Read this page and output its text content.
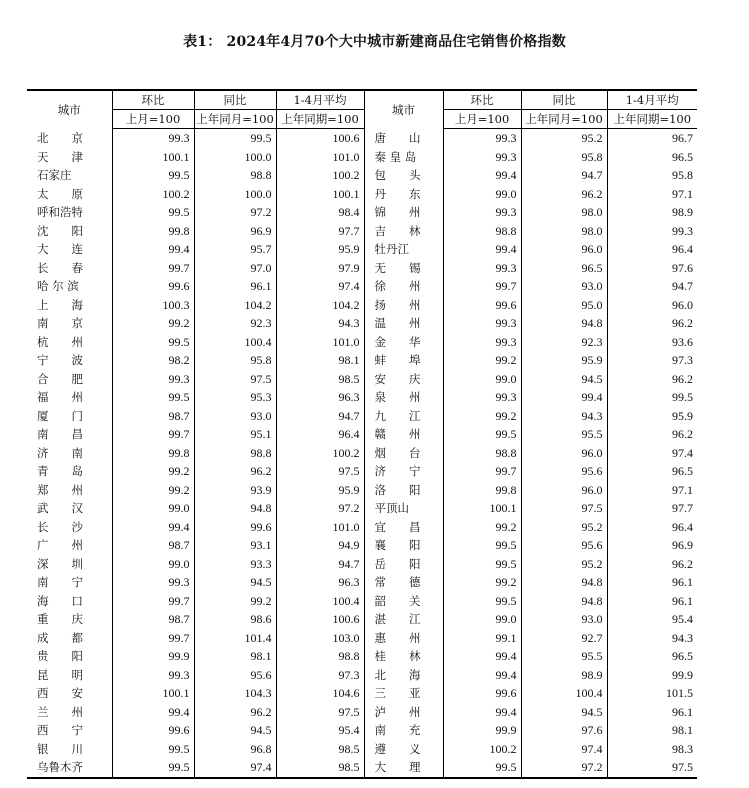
表1： 2024年4月70个大中城市新建商品住宅销售价格指数
城市	环比	同比	1-4月平均	城市	环比	同比	1-4月平均
	上月=100	上年同月=100	上年同期=100		上月=100	上年同月=100	上年同期=100
北　　京	99.3	99.5	100.6	唐　　山	99.3	95.2	96.7
天　　津	100.1	100.0	101.0	秦 皇 岛	99.3	95.8	96.5
石家庄	99.5	98.8	100.2	包　　头	99.4	94.7	95.8
太　　原	100.2	100.0	100.1	丹　　东	99.0	96.2	97.1
呼和浩特	99.5	97.2	98.4	锦　　州	99.3	98.0	98.9
沈　　阳	99.8	96.9	97.7	吉　　林	98.8	98.0	99.3
大　　连	99.4	95.7	95.9	牡丹江	99.4	96.0	96.4
长　　春	99.7	97.0	97.9	无　　锡	99.3	96.5	97.6
哈 尔 滨	99.6	96.1	97.4	徐　　州	99.7	93.0	94.7
上　　海	100.3	104.2	104.2	扬　　州	99.6	95.0	96.0
南　　京	99.2	92.3	94.3	温　　州	99.3	94.8	96.2
杭　　州	99.5	100.4	101.0	金　　华	99.3	92.3	93.6
宁　　波	98.2	95.8	98.1	蚌　　埠	99.2	95.9	97.3
合　　肥	99.3	97.5	98.5	安　　庆	99.0	94.5	96.2
福　　州	99.5	95.3	96.3	泉　　州	99.3	99.4	99.5
厦　　门	98.7	93.0	94.7	九　　江	99.2	94.3	95.9
南　　昌	99.7	95.1	96.4	赣　　州	99.5	95.5	96.2
济　　南	99.8	98.8	100.2	烟　　台	98.8	96.0	97.4
青　　岛	99.2	96.2	97.5	济　　宁	99.7	95.6	96.5
郑　　州	99.2	93.9	95.9	洛　　阳	99.8	96.0	97.1
武　　汉	99.0	94.8	97.2	平顶山	100.1	97.5	97.7
长　　沙	99.4	99.6	101.0	宜　　昌	99.2	95.2	96.4
广　　州	98.7	93.1	94.9	襄　　阳	99.5	95.6	96.9
深　　圳	99.0	93.3	94.7	岳　　阳	99.5	95.2	96.2
南　　宁	99.3	94.5	96.3	常　　德	99.2	94.8	96.1
海　　口	99.7	99.2	100.4	韶　　关	99.5	94.8	96.1
重　　庆	98.7	98.6	100.6	湛　　江	99.0	93.0	95.4
成　　都	99.7	101.4	103.0	惠　　州	99.1	92.7	94.3
贵　　阳	99.9	98.1	98.8	桂　　林	99.4	95.5	96.5
昆　　明	99.3	95.6	97.3	北　　海	99.4	98.9	99.9
西　　安	100.1	104.3	104.6	三　　亚	99.6	100.4	101.5
兰　　州	99.4	96.2	97.5	泸　　州	99.4	94.5	96.1
西　　宁	99.6	94.5	95.4	南　　充	99.9	97.6	98.1
银　　川	99.5	96.8	98.5	遵　　义	100.2	97.4	98.3
乌鲁木齐	99.5	97.4	98.5	大　　理	99.5	97.2	97.5
